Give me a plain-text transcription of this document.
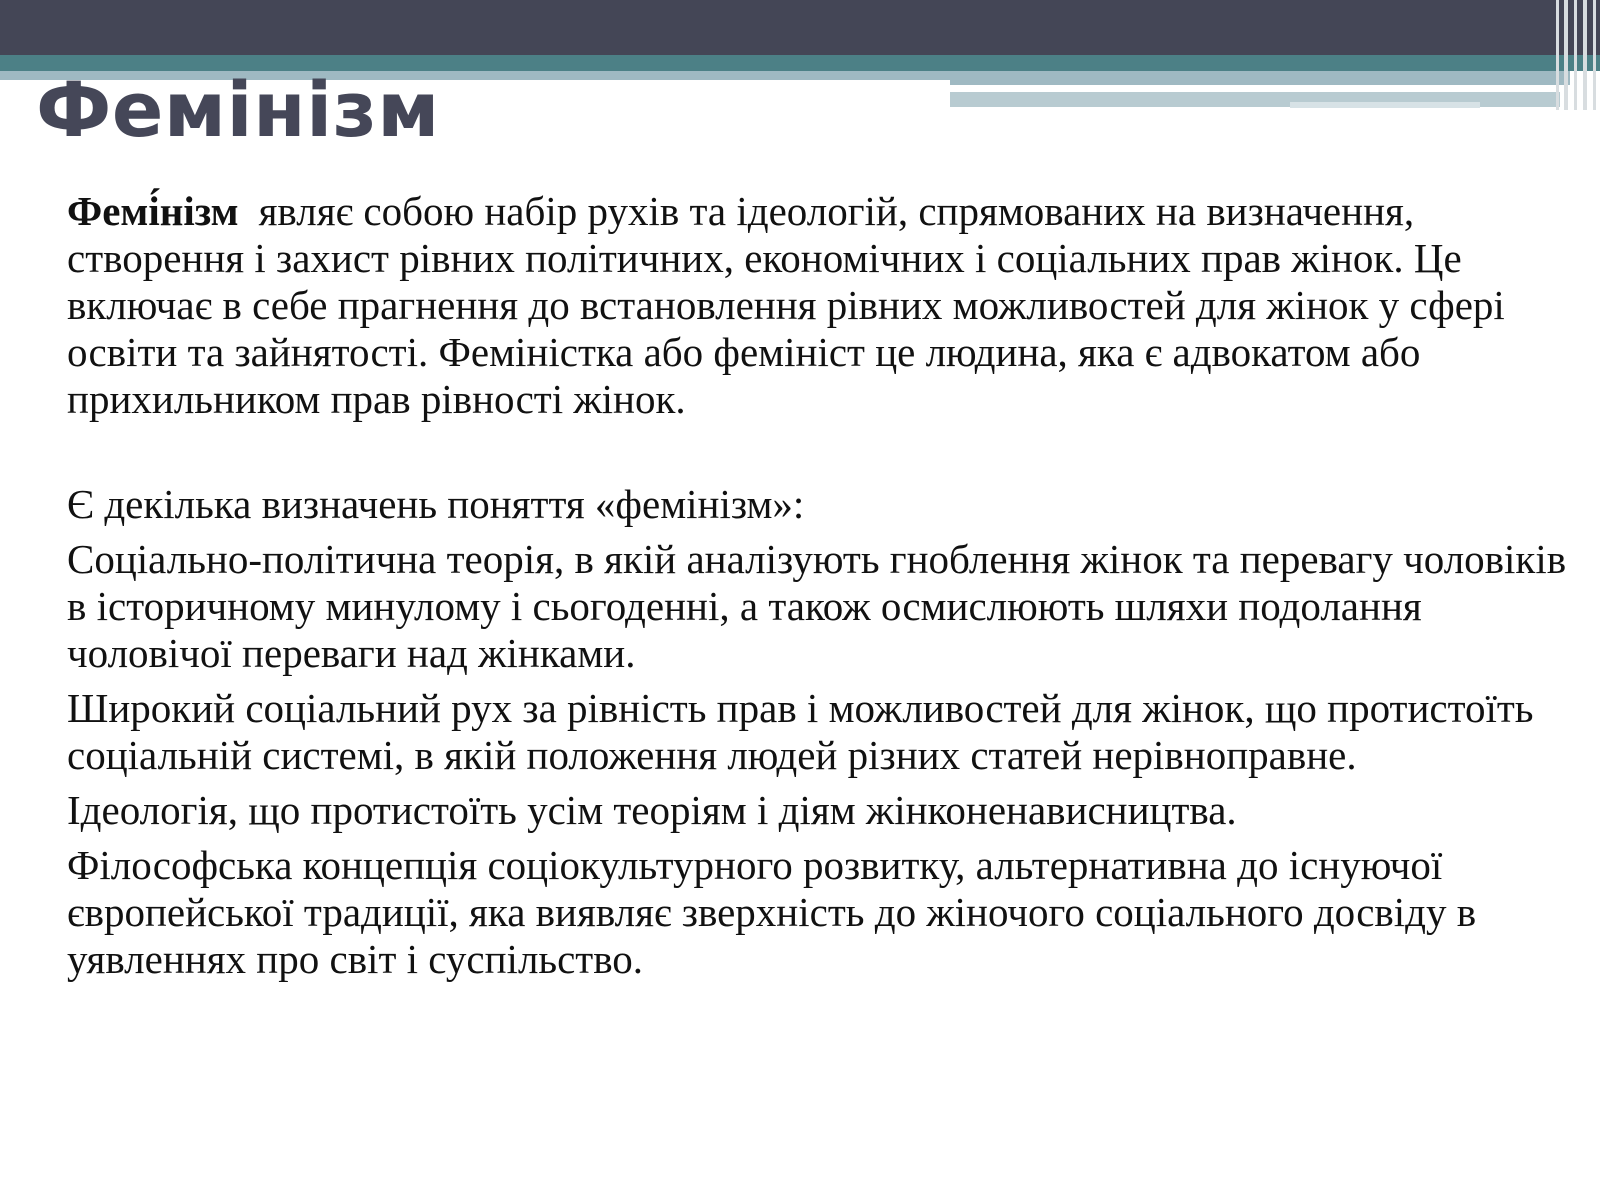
Фемінізм

Фемі́нізм являє собою набір рухів та ідеологій, спрямованих на визначення, створення і захист рівних політичних, економічних і соціальних прав жінок. Це включає в себе прагнення до встановлення рівних можливостей для жінок у сфері освіти та зайнятості. Феміністка або фемініст це людина, яка є адвокатом або прихильником прав рівності жінок.

Є декілька визначень поняття «фемінізм»:

Соціально-політична теорія, в якій аналізують гноблення жінок та перевагу чоловіків в історичному минулому і сьогоденні, а також осмислюють шляхи подолання чоловічої переваги над жінками.

Широкий соціальний рух за рівність прав і можливостей для жінок, що протистоїть соціальній системі, в якій положення людей різних статей нерівноправне.

Ідеологія, що протистоїть усім теоріям і діям жінконенависництва.

Філософська концепція соціокультурного розвитку, альтернативна до існуючої європейської традиції, яка виявляє зверхність до жіночого соціального досвіду в уявленнях про світ і суспільство.
